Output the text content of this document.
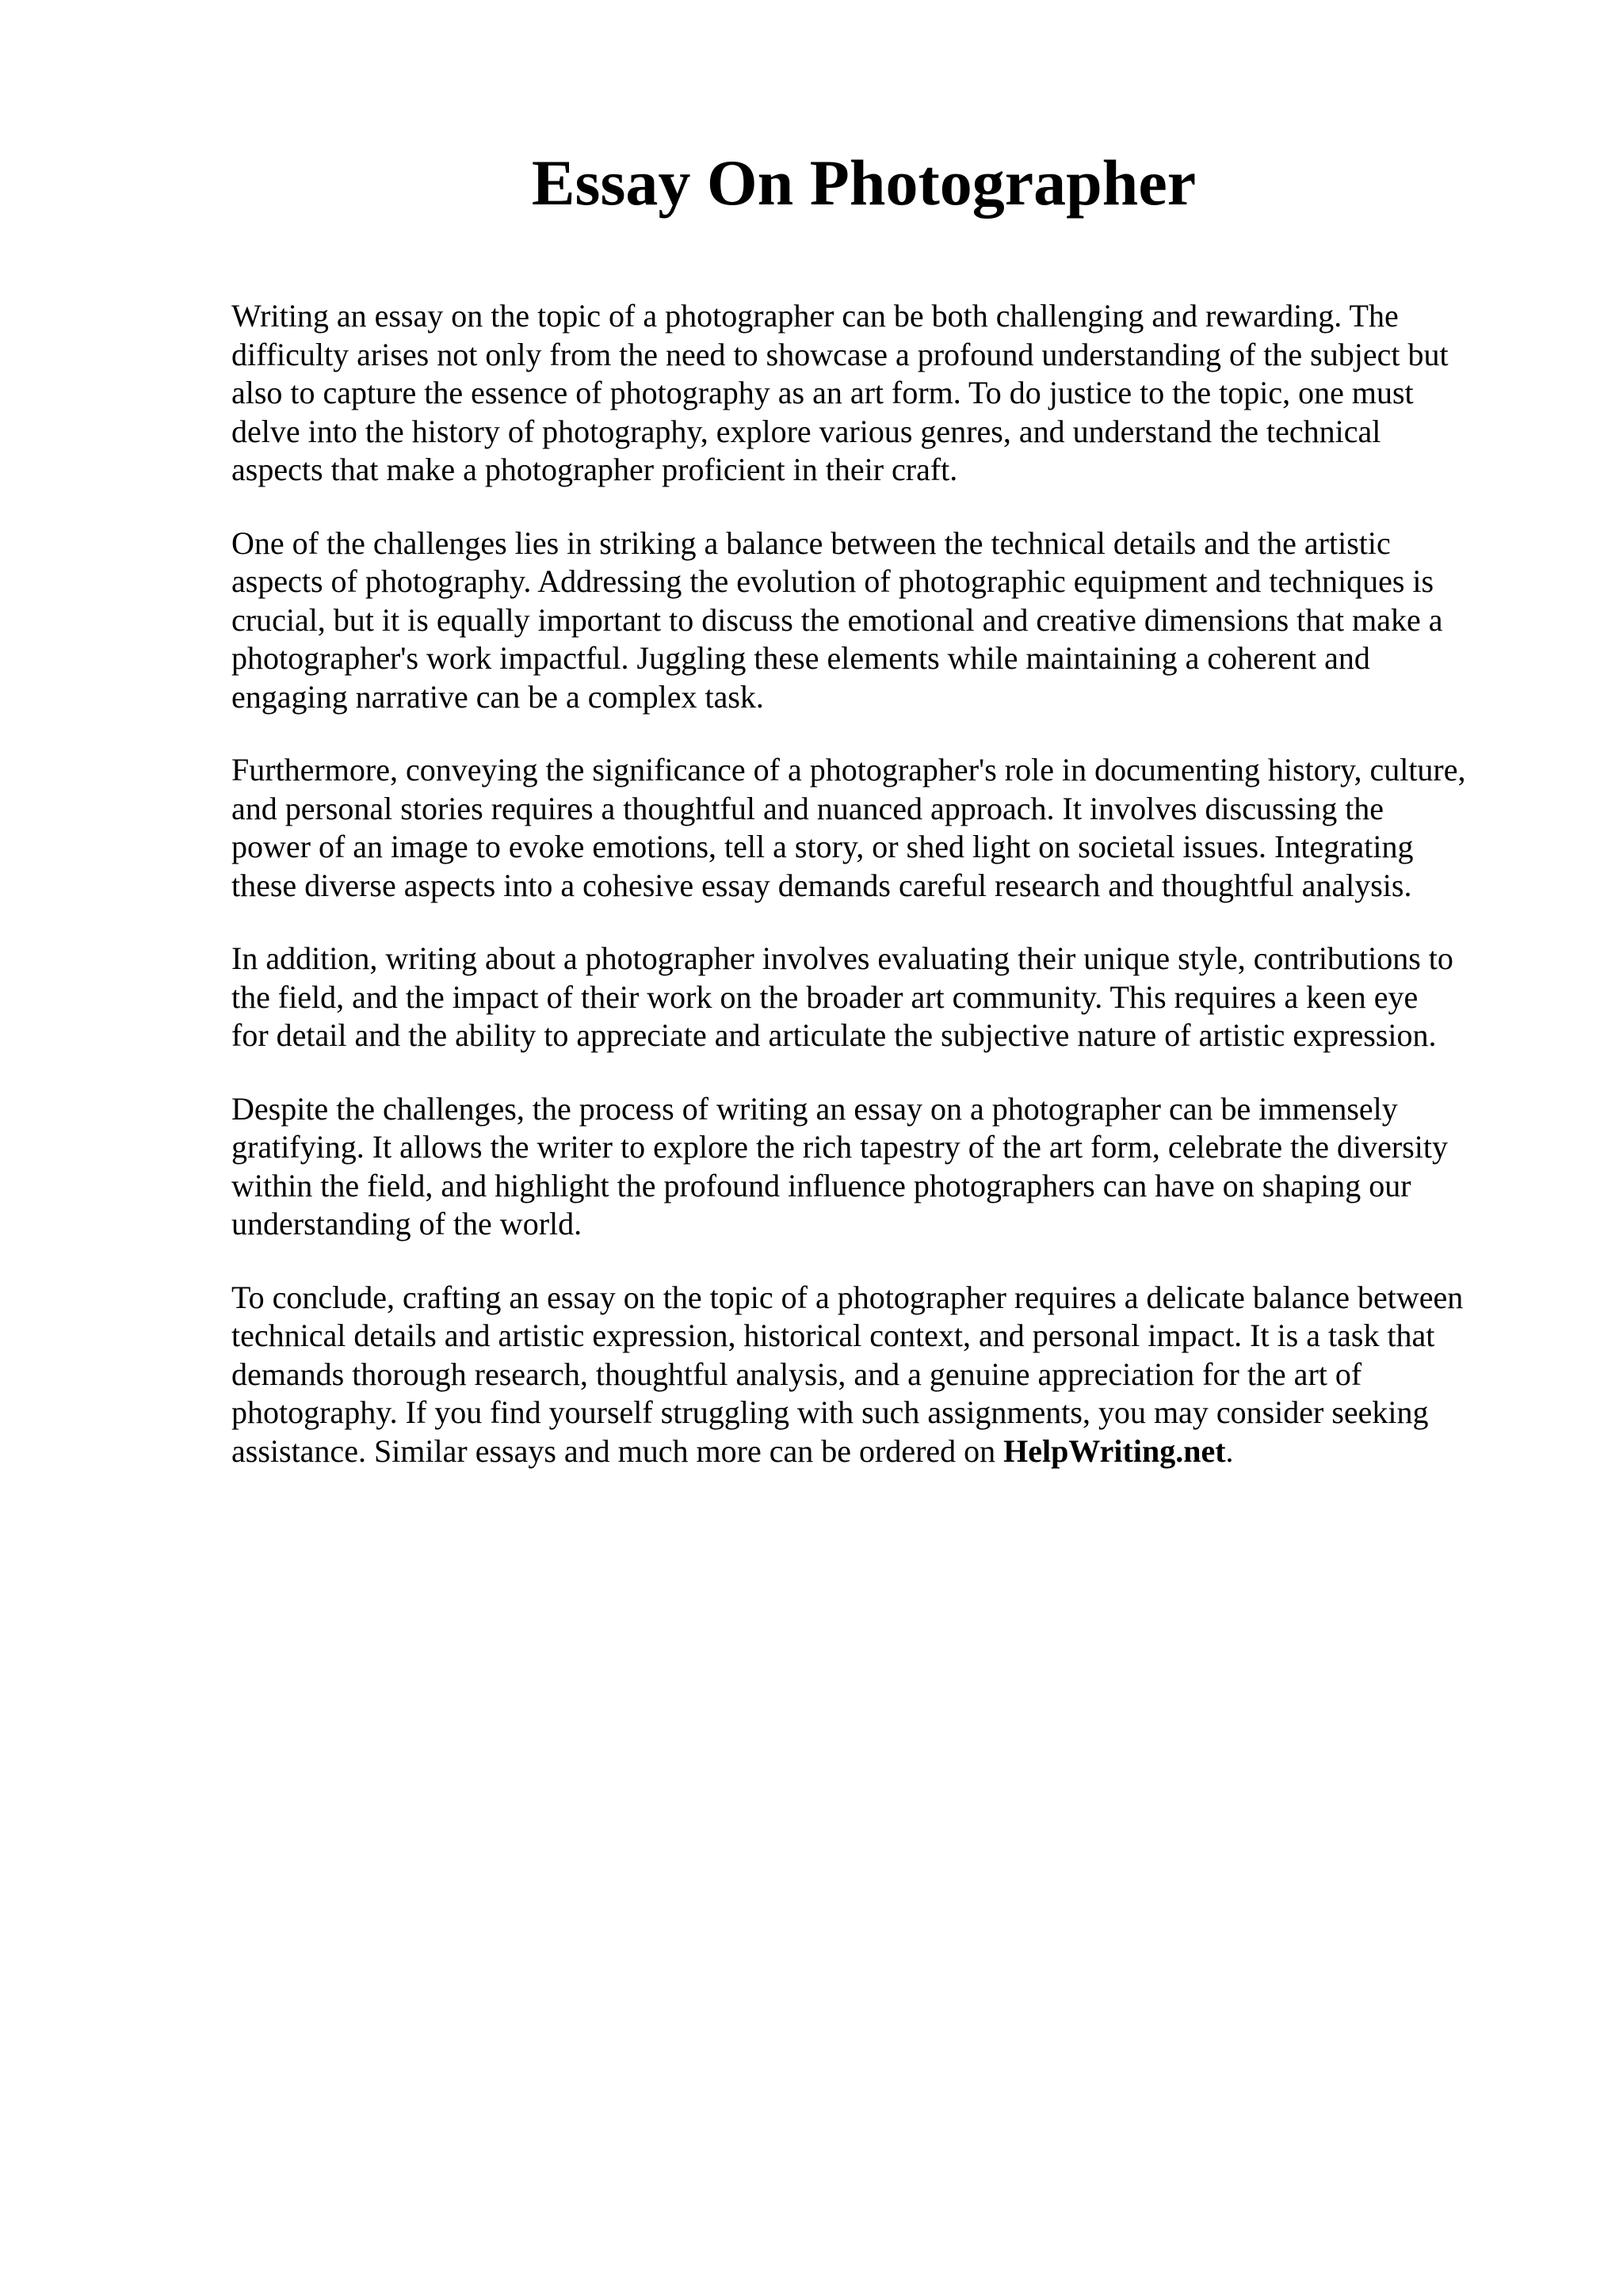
Essay On Photographer

Writing an essay on the topic of a photographer can be both challenging and rewarding. The
difficulty arises not only from the need to showcase a profound understanding of the subject but
also to capture the essence of photography as an art form. To do justice to the topic, one must
delve into the history of photography, explore various genres, and understand the technical
aspects that make a photographer proficient in their craft.

One of the challenges lies in striking a balance between the technical details and the artistic
aspects of photography. Addressing the evolution of photographic equipment and techniques is
crucial, but it is equally important to discuss the emotional and creative dimensions that make a
photographer's work impactful. Juggling these elements while maintaining a coherent and
engaging narrative can be a complex task.

Furthermore, conveying the significance of a photographer's role in documenting history, culture,
and personal stories requires a thoughtful and nuanced approach. It involves discussing the
power of an image to evoke emotions, tell a story, or shed light on societal issues. Integrating
these diverse aspects into a cohesive essay demands careful research and thoughtful analysis.

In addition, writing about a photographer involves evaluating their unique style, contributions to
the field, and the impact of their work on the broader art community. This requires a keen eye
for detail and the ability to appreciate and articulate the subjective nature of artistic expression.

Despite the challenges, the process of writing an essay on a photographer can be immensely
gratifying. It allows the writer to explore the rich tapestry of the art form, celebrate the diversity
within the field, and highlight the profound influence photographers can have on shaping our
understanding of the world.

To conclude, crafting an essay on the topic of a photographer requires a delicate balance between
technical details and artistic expression, historical context, and personal impact. It is a task that
demands thorough research, thoughtful analysis, and a genuine appreciation for the art of
photography. If you find yourself struggling with such assignments, you may consider seeking
assistance. Similar essays and much more can be ordered on HelpWriting.net.
